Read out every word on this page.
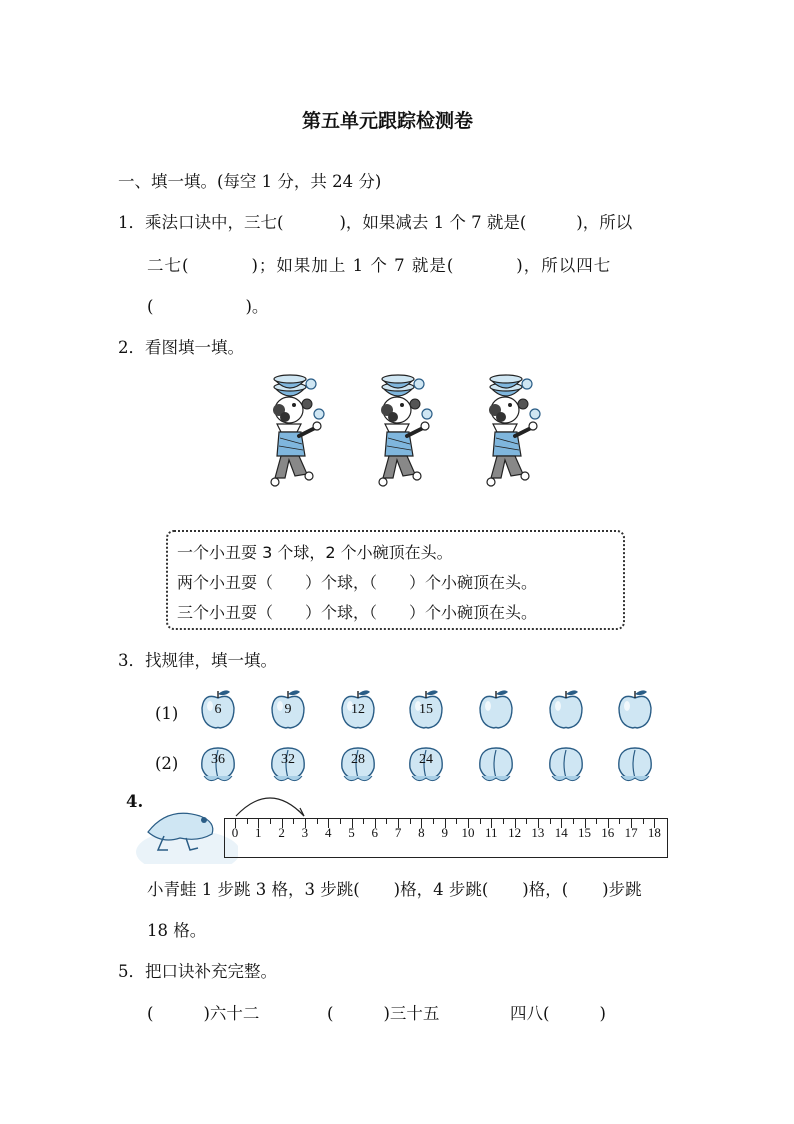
第五单元跟踪检测卷
一、填一填。(每空 1 分，共 24 分)
1．乘法口诀中，三七(	)，如果减去 1 个 7 就是(	)，所以
二七(	)；如果加上 1 个 7 就是(	)，所以四七
(	)。
2．看图填一填。
一个小丑耍 3 个球，2 个小碗顶在头。
两个小丑耍（　　）个球，（　　）个小碗顶在头。
三个小丑耍（　　）个球，（　　）个小碗顶在头。
3．找规律，填一填。
(1)
(2)
6	9	12	15
36	32	28	24
4.
0 1 2 3 4 5 6 7 8 9 10 11 12 13 14 15 16 17 18
小青蛙 1 步跳 3 格，3 步跳( )格，4 步跳( )格，( )步跳
18 格。
5．把口诀补充完整。
(	)六十二	(	)三十五	四八(	)
